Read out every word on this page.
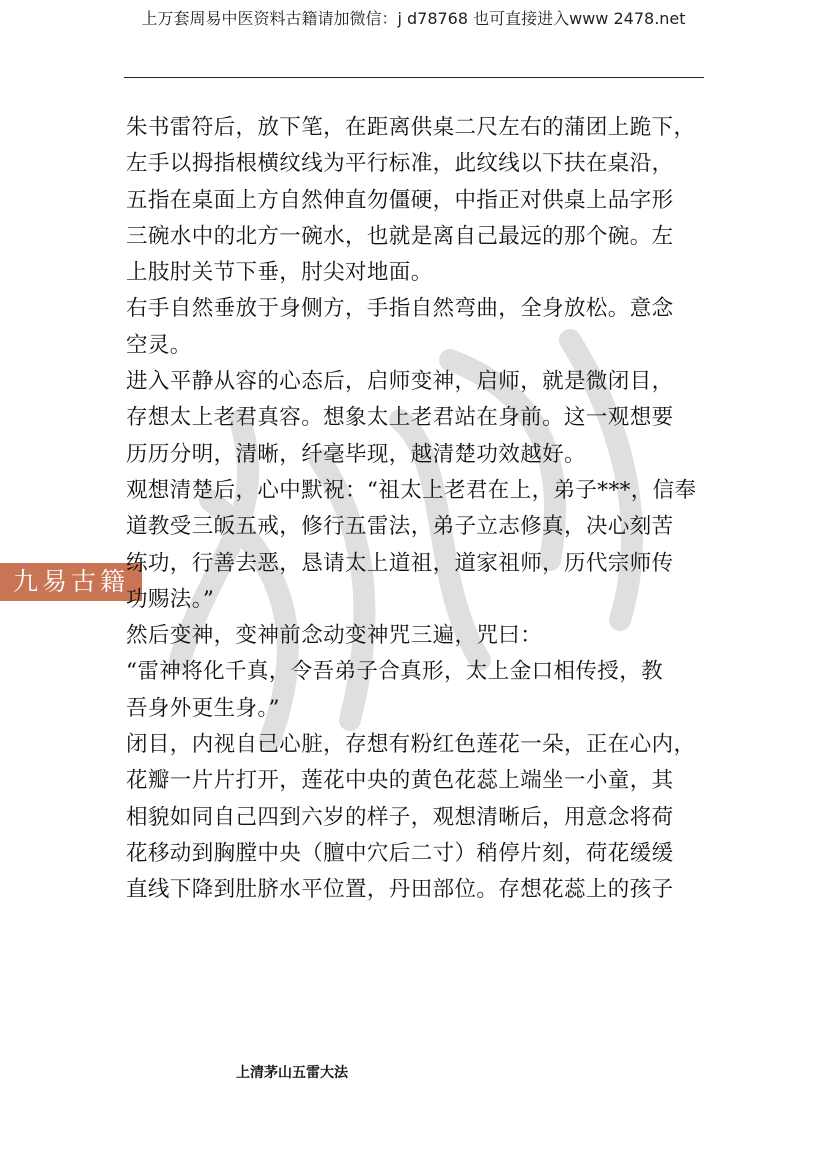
上万套周易中医资料古籍请加微信：j d78768 也可直接进入www 2478.net
九易古籍网
朱书雷符后，放下笔，在距离供桌二尺左右的蒲团上跪下，
左手以拇指根横纹线为平行标准，此纹线以下扶在桌沿，
五指在桌面上方自然伸直勿僵硬，中指正对供桌上品字形
三碗水中的北方一碗水，也就是离自己最远的那个碗。左
上肢肘关节下垂，肘尖对地面。
右手自然垂放于身侧方，手指自然弯曲，全身放松。意念
空灵。
进入平静从容的心态后，启师变神，启师，就是微闭目，
存想太上老君真容。想象太上老君站在身前。这一观想要
历历分明，清晰，纤毫毕现，越清楚功效越好。
观想清楚后，心中默祝：“祖太上老君在上，弟子***，信奉
道教受三皈五戒，修行五雷法，弟子立志修真，决心刻苦
练功，行善去恶，恳请太上道祖，道家祖师，历代宗师传
功赐法。”
然后变神，变神前念动变神咒三遍，咒曰：
“雷神将化千真，令吾弟子合真形，太上金口相传授，教
吾身外更生身。”
闭目，内视自己心脏，存想有粉红色莲花一朵，正在心内，
花瓣一片片打开，莲花中央的黄色花蕊上端坐一小童，其
相貌如同自己四到六岁的样子，观想清晰后，用意念将荷
花移动到胸膛中央（膻中穴后二寸）稍停片刻，荷花缓缓
直线下降到肚脐水平位置，丹田部位。存想花蕊上的孩子
上清茅山五雷大法
